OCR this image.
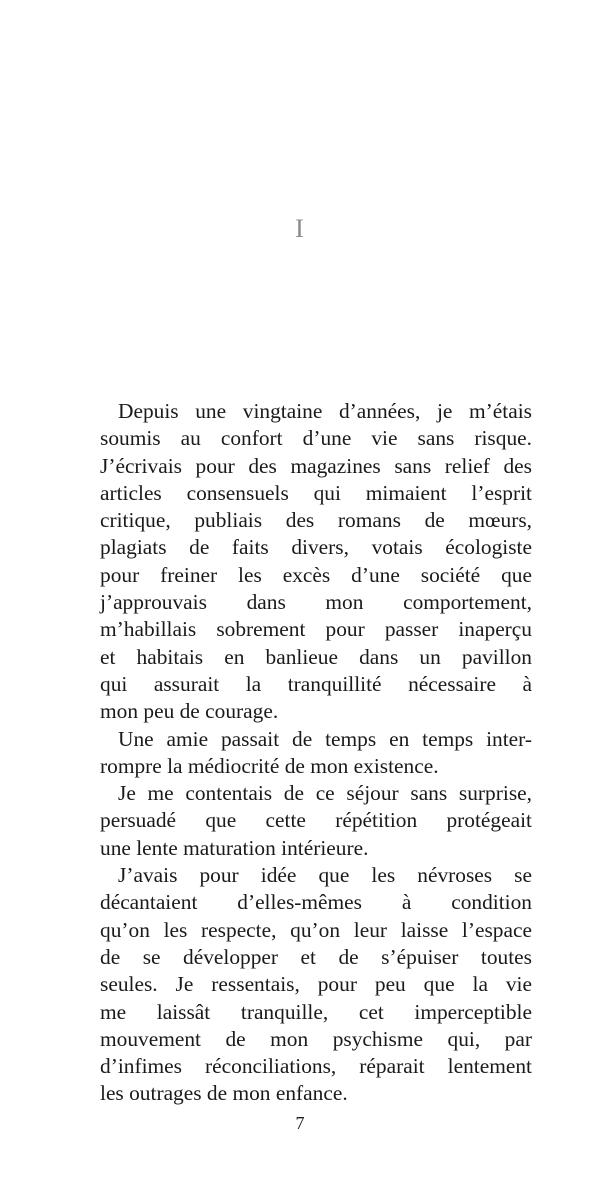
I
Depuis une vingtaine d’années, je m’étais
soumis au confort d’une vie sans risque.
J’écrivais pour des magazines sans relief des
articles consensuels qui mimaient l’esprit
critique, publiais des romans de mœurs,
plagiats de faits divers, votais écologiste
pour freiner les excès d’une société que
j’approuvais dans mon comportement,
m’habillais sobrement pour passer inaperçu
et habitais en banlieue dans un pavillon
qui assurait la tranquillité nécessaire à
mon peu de courage.
Une amie passait de temps en temps inter-
rompre la médiocrité de mon existence.
Je me contentais de ce séjour sans surprise,
persuadé que cette répétition protégeait
une lente maturation intérieure.
J’avais pour idée que les névroses se
décantaient d’elles-mêmes à condition
qu’on les respecte, qu’on leur laisse l’espace
de se développer et de s’épuiser toutes
seules. Je ressentais, pour peu que la vie
me laissât tranquille, cet imperceptible
mouvement de mon psychisme qui, par
d’infimes réconciliations, réparait lentement
les outrages de mon enfance.
7
